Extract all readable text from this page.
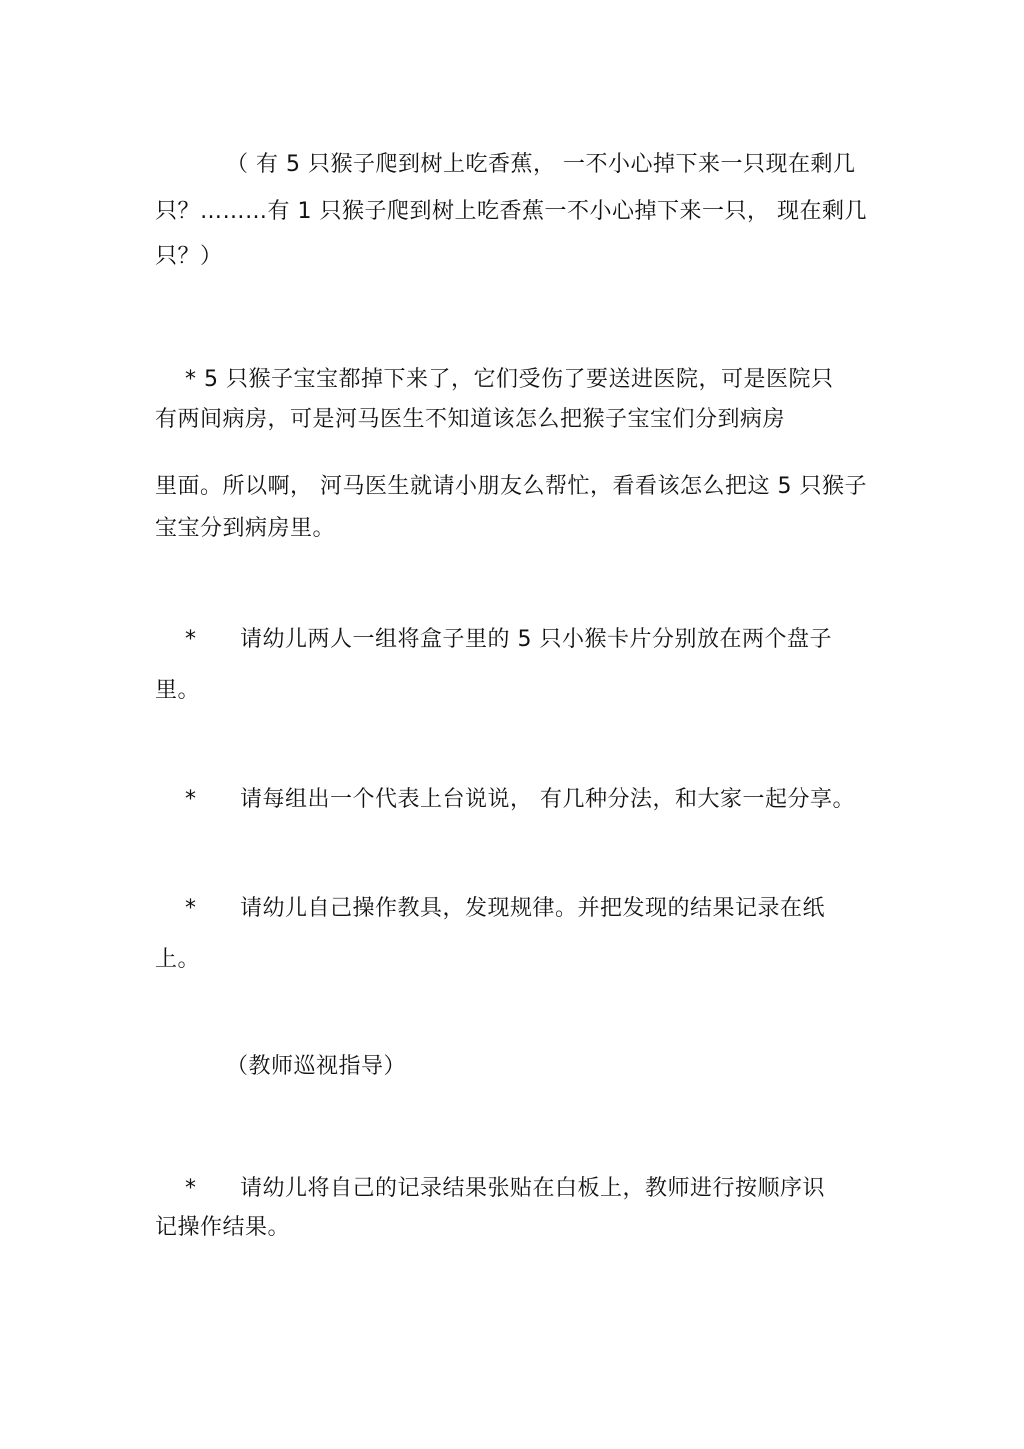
（ 有 5 只猴子爬到树上吃香蕉， 一不小心掉下来一只现在剩几
只？………有 1 只猴子爬到树上吃香蕉一不小心掉下来一只， 现在剩几
只？）
* 5 只猴子宝宝都掉下来了，它们受伤了要送进医院，可是医院只
有两间病房，可是河马医生不知道该怎么把猴子宝宝们分到病房
里面。所以啊， 河马医生就请小朋友么帮忙，看看该怎么把这 5 只猴子
宝宝分到病房里。
* 请幼儿两人一组将盒子里的 5 只小猴卡片分别放在两个盘子
里。
* 请每组出一个代表上台说说， 有几种分法，和大家一起分享。
* 请幼儿自己操作教具，发现规律。并把发现的结果记录在纸
上。
（教师巡视指导）
* 请幼儿将自己的记录结果张贴在白板上，教师进行按顺序识
记操作结果。
